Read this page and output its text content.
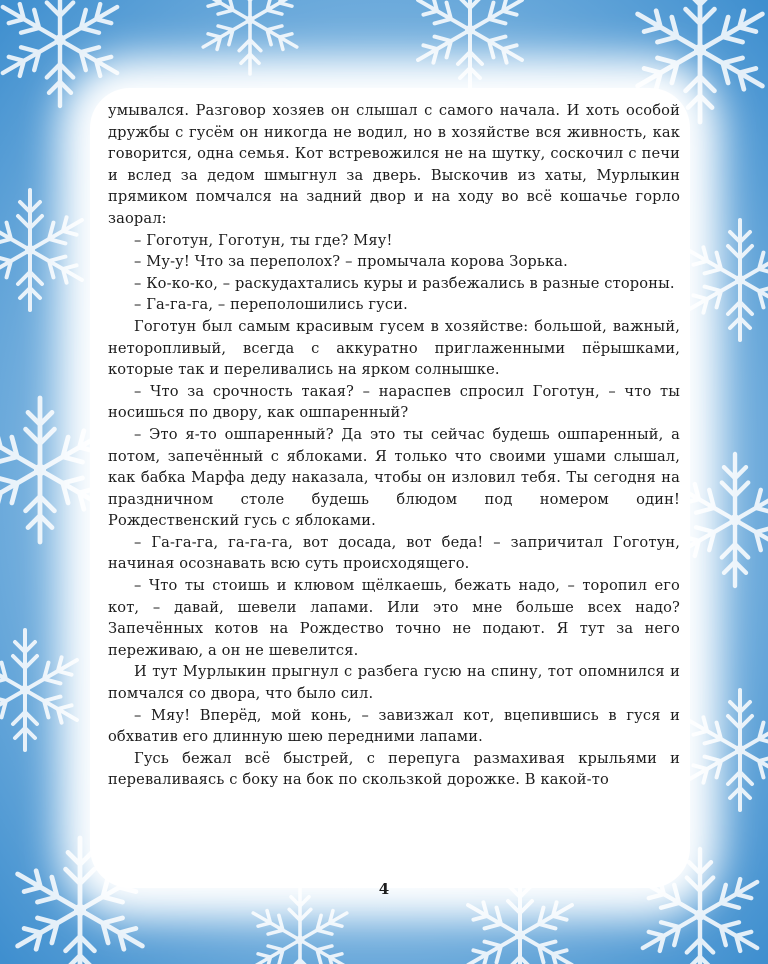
умывался. Разговор хозяев он слышал с самого начала. И хоть особой дружбы с гусём он никогда не водил, но в хозяйстве вся живность, как говорится, одна семья. Кот встревожился не на шутку, соскочил с печи и вслед за дедом шмыгнул за дверь. Выскочив из хаты, Мурлыкин прямиком помчался на задний двор и на ходу во всё кошачье горло заорал:

– Гоготун, Гоготун, ты где? Мяу!

– Му-у! Что за переполох? – промычала корова Зорька.

– Ко-ко-ко, – раскудахтались куры и разбежались в разные стороны.

– Га-га-га, – переполошились гуси.

Гоготун был самым красивым гусем в хозяйстве: большой, важный, неторопливый, всегда с аккуратно приглаженными пёрышками, которые так и переливались на ярком солнышке.

– Что за срочность такая? – нараспев спросил Гоготун, – что ты носишься по двору, как ошпаренный?

– Это я-то ошпаренный? Да это ты сейчас будешь ошпаренный, а потом, запечённый с яблоками. Я только что своими ушами слышал, как бабка Марфа деду наказала, чтобы он изловил тебя. Ты сегодня на праздничном столе будешь блюдом под номером один! Рождественский гусь с яблоками.

– Га-га-га, га-га-га, вот досада, вот беда! – запричитал Гоготун, начиная осознавать всю суть происходящего.

– Что ты стоишь и клювом щёлкаешь, бежать надо, – торопил его кот, – давай, шевели лапами. Или это мне больше всех надо? Запечённых котов на Рождество точно не подают. Я тут за него переживаю, а он не шевелится.

И тут Мурлыкин прыгнул с разбега гусю на спину, тот опомнился и помчался со двора, что было сил.

– Мяу! Вперёд, мой конь, – завизжал кот, вцепившись в гуся и обхватив его длинную шею передними лапами.

Гусь бежал всё быстрей, с перепуга размахивая крыльями и переваливаясь с боку на бок по скользкой дорожке. В какой-то

4
